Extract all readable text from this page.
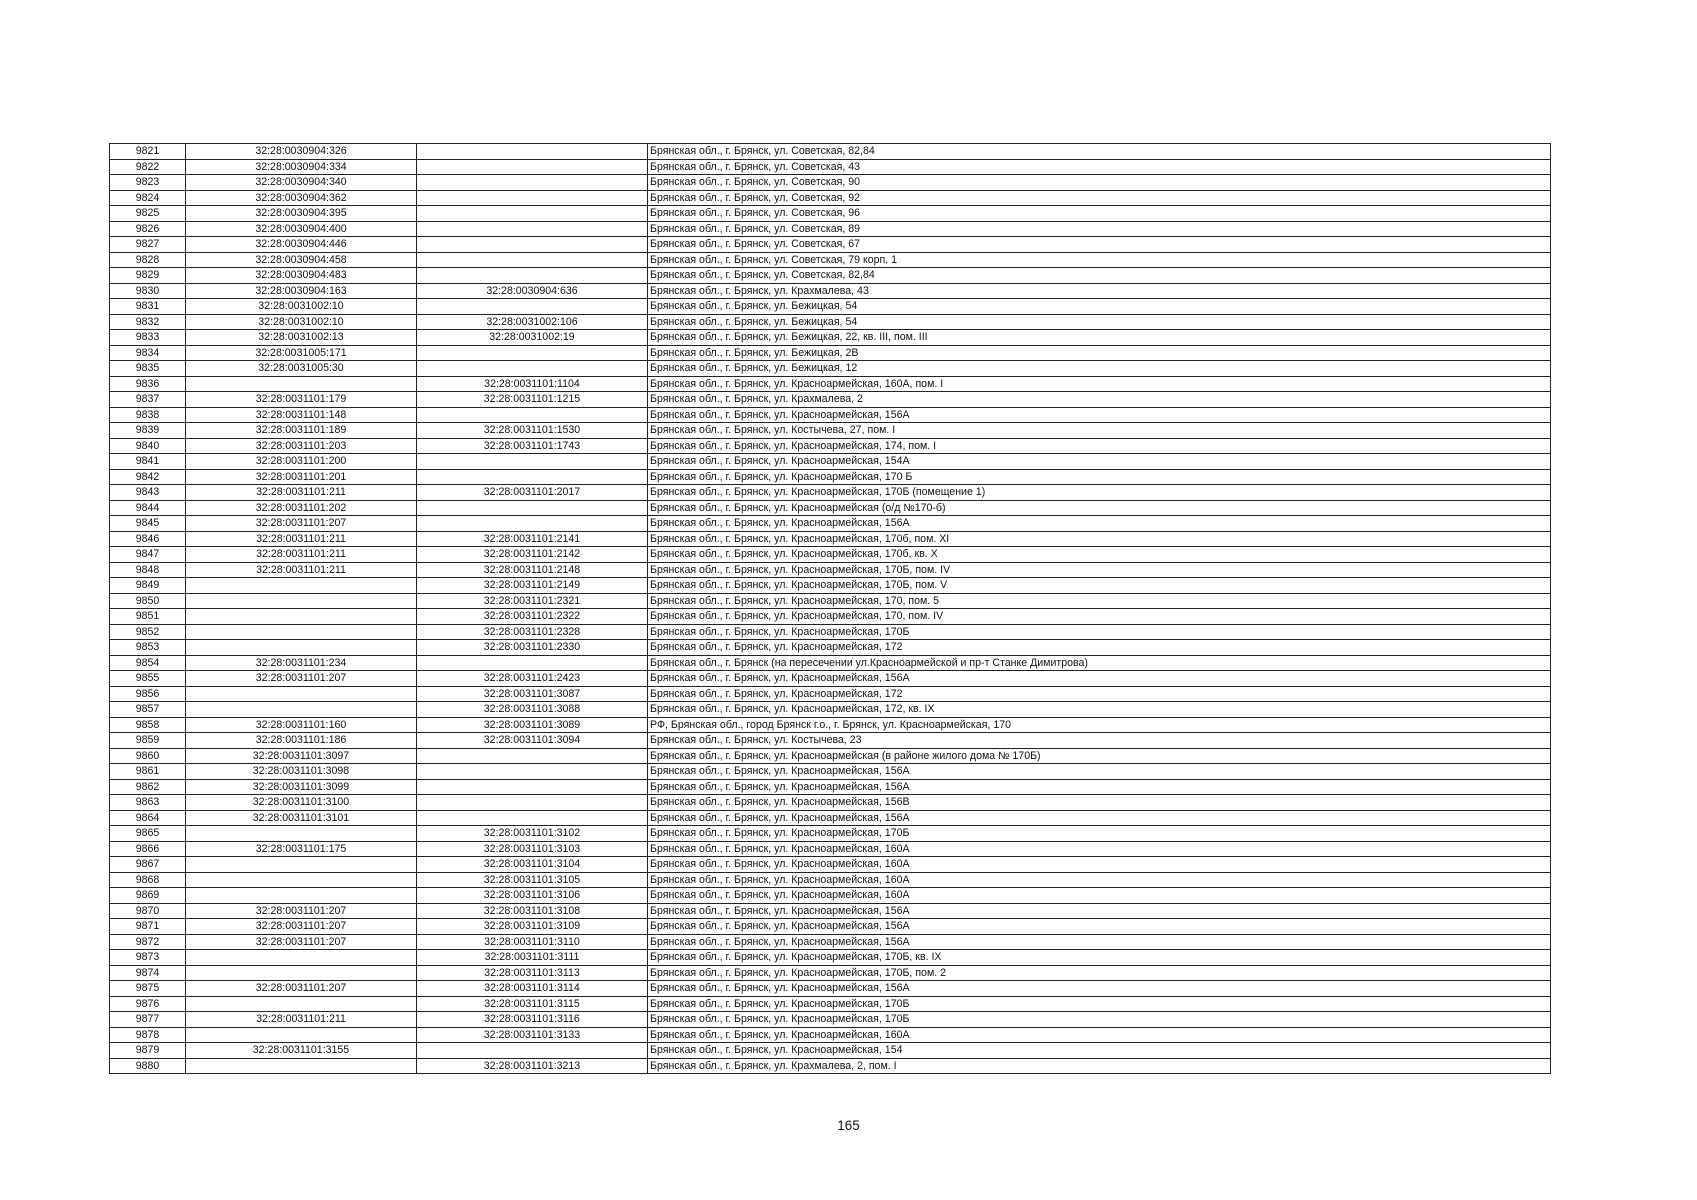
9821	32:28:0030904:326		Брянская обл., г. Брянск, ул. Советская, 82,84
9822	32:28:0030904:334		Брянская обл., г. Брянск, ул. Советская, 43
9823	32:28:0030904:340		Брянская обл., г. Брянск, ул. Советская, 90
9824	32:28:0030904:362		Брянская обл., г. Брянск, ул. Советская, 92
9825	32:28:0030904:395		Брянская обл., г. Брянск, ул. Советская, 96
9826	32:28:0030904:400		Брянская обл., г. Брянск, ул. Советская, 89
9827	32:28:0030904:446		Брянская обл., г. Брянск, ул. Советская, 67
9828	32:28:0030904:458		Брянская обл., г. Брянск, ул. Советская, 79 корп. 1
9829	32:28:0030904:483		Брянская обл., г. Брянск, ул. Советская, 82,84
9830	32:28:0030904:163	32:28:0030904:636	Брянская обл., г. Брянск, ул. Крахмалева, 43
9831	32:28:0031002:10		Брянская обл., г. Брянск, ул. Бежицкая, 54
9832	32:28:0031002:10	32:28:0031002:106	Брянская обл., г. Брянск, ул. Бежицкая, 54
9833	32:28:0031002:13	32:28:0031002:19	Брянская обл., г. Брянск, ул. Бежицкая, 22, кв. III, пом. III
9834	32:28:0031005:171		Брянская обл., г. Брянск, ул. Бежицкая, 2В
9835	32:28:0031005:30		Брянская обл., г. Брянск, ул. Бежицкая, 12
9836		32:28:0031101:1104	Брянская обл., г. Брянск, ул. Красноармейская, 160А, пом. I
9837	32:28:0031101:179	32:28:0031101:1215	Брянская обл., г. Брянск, ул. Крахмалева, 2
9838	32:28:0031101:148		Брянская обл., г. Брянск, ул. Красноармейская, 156А
9839	32:28:0031101:189	32:28:0031101:1530	Брянская обл., г. Брянск, ул. Костычева, 27, пом. I
9840	32:28:0031101:203	32:28:0031101:1743	Брянская обл., г. Брянск, ул. Красноармейская, 174, пом. I
9841	32:28:0031101:200		Брянская обл., г. Брянск, ул. Красноармейская, 154А
9842	32:28:0031101:201		Брянская обл., г. Брянск, ул. Красноармейская, 170 Б
9843	32:28:0031101:211	32:28:0031101:2017	Брянская обл., г. Брянск, ул. Красноармейская, 170Б (помещение 1)
9844	32:28:0031101:202		Брянская обл., г. Брянск, ул. Красноармейская (о/д №170-б)
9845	32:28:0031101:207		Брянская обл., г. Брянск, ул. Красноармейская, 156А
9846	32:28:0031101:211	32:28:0031101:2141	Брянская обл., г. Брянск, ул. Красноармейская, 170б, пом. XI
9847	32:28:0031101:211	32:28:0031101:2142	Брянская обл., г. Брянск, ул. Красноармейская, 170б, кв. X
9848	32:28:0031101:211	32:28:0031101:2148	Брянская обл., г. Брянск, ул. Красноармейская, 170Б, пом. IV
9849		32:28:0031101:2149	Брянская обл., г. Брянск, ул. Красноармейская, 170Б, пом. V
9850		32:28:0031101:2321	Брянская обл., г. Брянск, ул. Красноармейская, 170, пом. 5
9851		32:28:0031101:2322	Брянская обл., г. Брянск, ул. Красноармейская, 170, пом. IV
9852		32:28:0031101:2328	Брянская обл., г. Брянск, ул. Красноармейская, 170Б
9853		32:28:0031101:2330	Брянская обл., г. Брянск, ул. Красноармейская, 172
9854	32:28:0031101:234		Брянская обл., г. Брянск (на пересечении ул.Красноармейской и пр-т Станке Димитрова)
9855	32:28:0031101:207	32:28:0031101:2423	Брянская обл., г. Брянск, ул. Красноармейская, 156А
9856		32:28:0031101:3087	Брянская обл., г. Брянск, ул. Красноармейская, 172
9857		32:28:0031101:3088	Брянская обл., г. Брянск, ул. Красноармейская, 172, кв. IX
9858	32:28:0031101:160	32:28:0031101:3089	РФ, Брянская обл., город Брянск г.о., г. Брянск, ул. Красноармейская, 170
9859	32:28:0031101:186	32:28:0031101:3094	Брянская обл., г. Брянск, ул. Костычева, 23
9860	32:28:0031101:3097		Брянская обл., г. Брянск, ул. Красноармейская (в районе жилого дома № 170Б)
9861	32:28:0031101:3098		Брянская обл., г. Брянск, ул. Красноармейская, 156А
9862	32:28:0031101:3099		Брянская обл., г. Брянск, ул. Красноармейская, 156А
9863	32:28:0031101:3100		Брянская обл., г. Брянск, ул. Красноармейская, 156В
9864	32:28:0031101:3101		Брянская обл., г. Брянск, ул. Красноармейская, 156А
9865		32:28:0031101:3102	Брянская обл., г. Брянск, ул. Красноармейская, 170Б
9866	32:28:0031101:175	32:28:0031101:3103	Брянская обл., г. Брянск, ул. Красноармейская, 160А
9867		32:28:0031101:3104	Брянская обл., г. Брянск, ул. Красноармейская, 160А
9868		32:28:0031101:3105	Брянская обл., г. Брянск, ул. Красноармейская, 160А
9869		32:28:0031101:3106	Брянская обл., г. Брянск, ул. Красноармейская, 160А
9870	32:28:0031101:207	32:28:0031101:3108	Брянская обл., г. Брянск, ул. Красноармейская, 156А
9871	32:28:0031101:207	32:28:0031101:3109	Брянская обл., г. Брянск, ул. Красноармейская, 156А
9872	32:28:0031101:207	32:28:0031101:3110	Брянская обл., г. Брянск, ул. Красноармейская, 156А
9873		32:28:0031101:3111	Брянская обл., г. Брянск, ул. Красноармейская, 170Б, кв. IX
9874		32:28:0031101:3113	Брянская обл., г. Брянск, ул. Красноармейская, 170Б, пом. 2
9875	32:28:0031101:207	32:28:0031101:3114	Брянская обл., г. Брянск, ул. Красноармейская, 156А
9876		32:28:0031101:3115	Брянская обл., г. Брянск, ул. Красноармейская, 170Б
9877	32:28:0031101:211	32:28:0031101:3116	Брянская обл., г. Брянск, ул. Красноармейская, 170Б
9878		32:28:0031101:3133	Брянская обл., г. Брянск, ул. Красноармейская, 160А
9879	32:28:0031101:3155		Брянская обл., г. Брянск, ул. Красноармейская, 154
9880		32:28:0031101:3213	Брянская обл., г. Брянск, ул. Крахмалева, 2, пом. I
165
